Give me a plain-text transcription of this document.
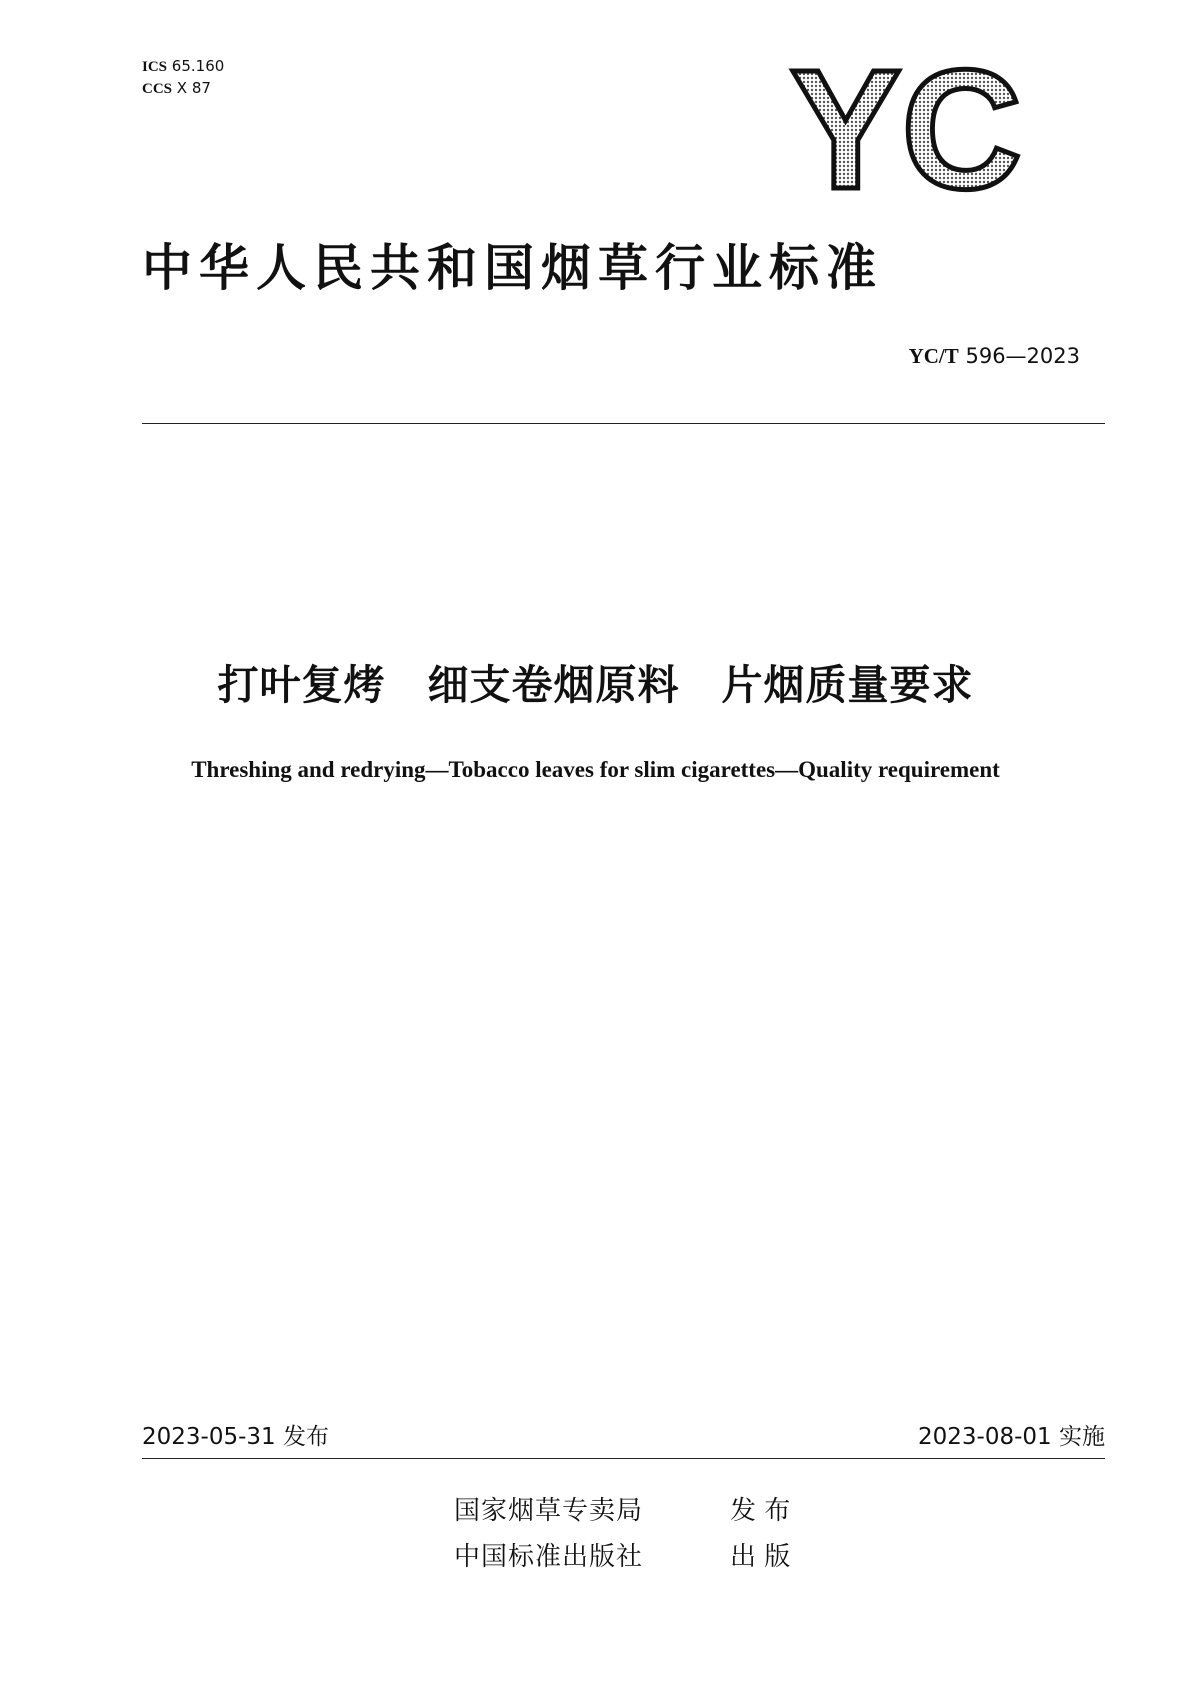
ICS 65.160
CCS X 87	YC
中华人民共和国烟草行业标准
YC/T 596—2023
打叶复烤　细支卷烟原料　片烟质量要求
Threshing and redrying—Tobacco leaves for slim cigarettes—Quality requirement
2023-05-31 发布	2023-08-01 实施
国家烟草专卖局	发 布
中国标准出版社	出 版
